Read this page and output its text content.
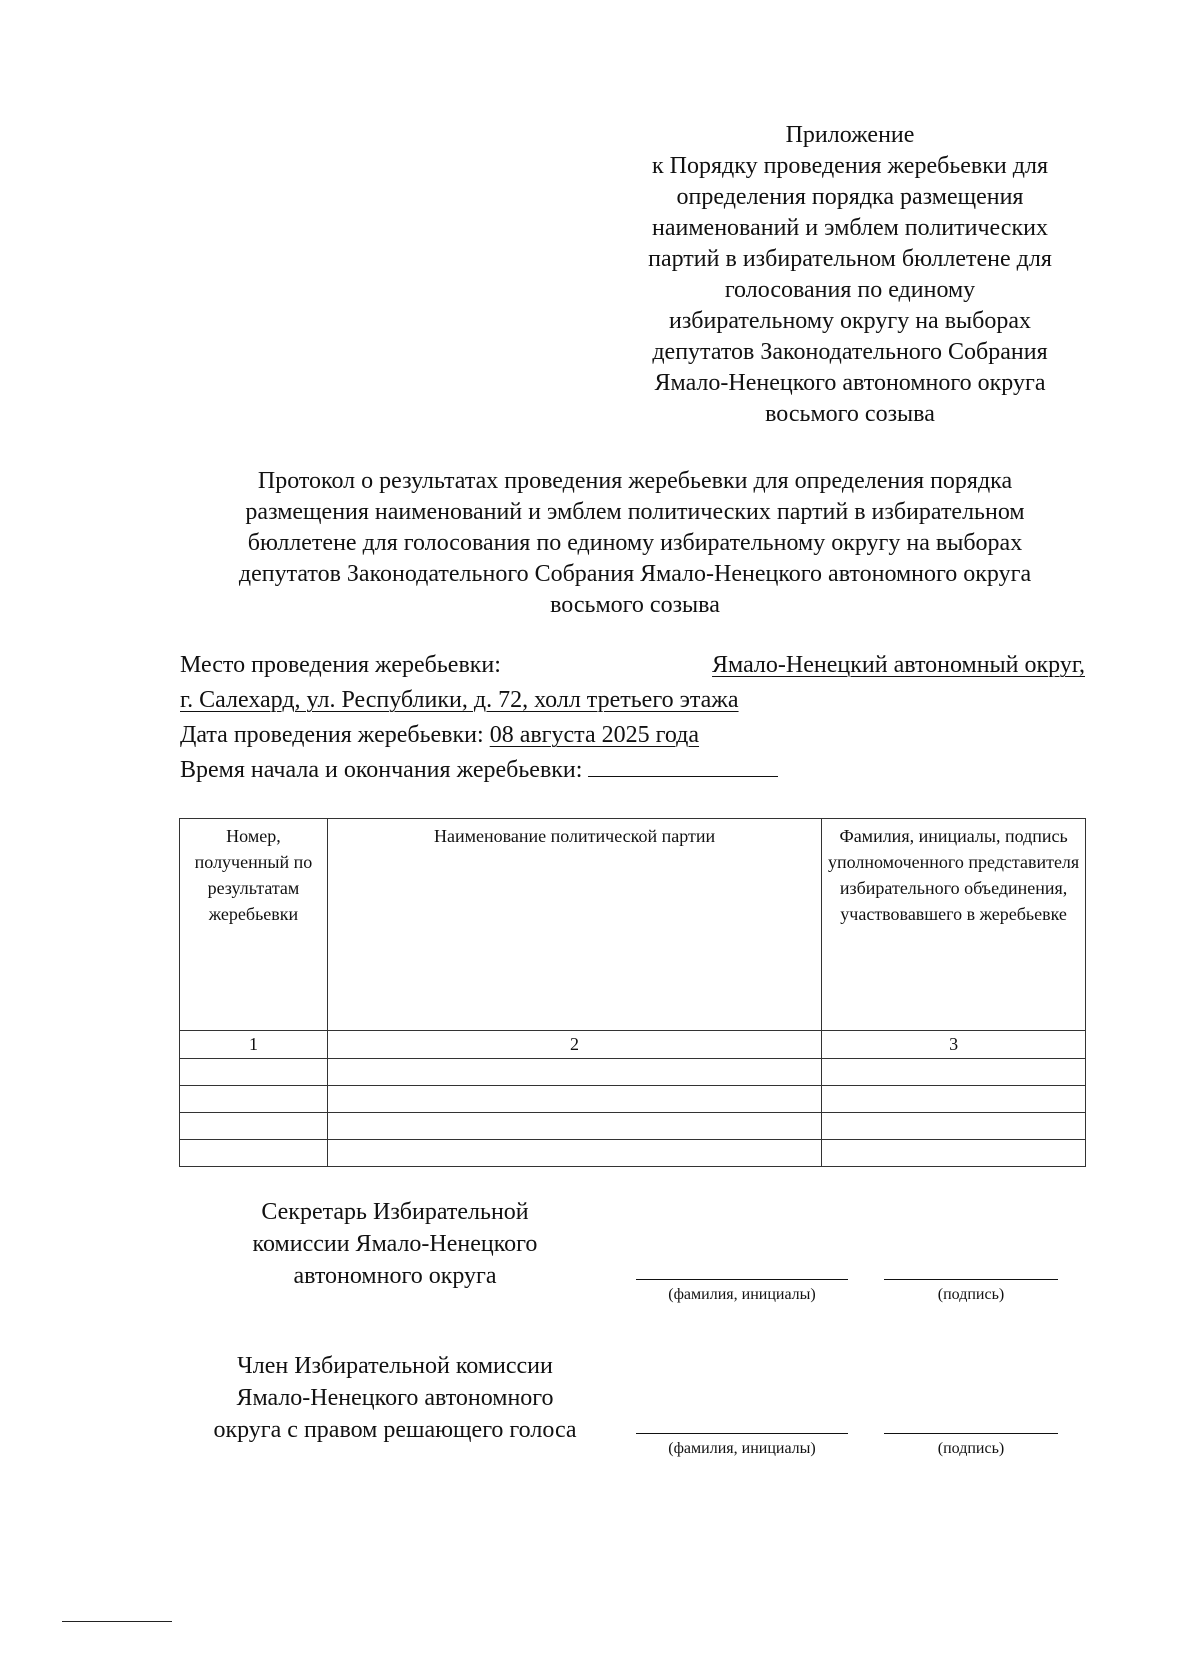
Приложение
к Порядку проведения жеребьевки для
определения порядка размещения
наименований и эмблем политических
партий в избирательном бюллетене для
голосования по единому
избирательному округу на выборах
депутатов Законодательного Собрания
Ямало-Ненецкого автономного округа
восьмого созыва
Протокол о результатах проведения жеребьевки для определения порядка
размещения наименований и эмблем политических партий в избирательном
бюллетене для голосования по единому избирательному округу на выборах
депутатов Законодательного Собрания Ямало-Ненецкого автономного округа
восьмого созыва
Место проведения жеребьевки:	Ямало-Ненецкий автономный округ,
г. Салехард, ул. Республики, д. 72, холл третьего этажа
Дата проведения жеребьевки: 08 августа 2025 года
Время начала и окончания жеребьевки:
Номер, полученный по результатам жеребьевки	Наименование политической партии	Фамилия, инициалы, подпись уполномоченного представителя избирательного объединения, участвовавшего в жеребьевке
1	2	3

Секретарь Избирательной
комиссии Ямало-Ненецкого
автономного округа
(фамилия, инициалы)	(подпись)
Член Избирательной комиссии
Ямало-Ненецкого автономного
округа с правом решающего голоса
(фамилия, инициалы)	(подпись)
